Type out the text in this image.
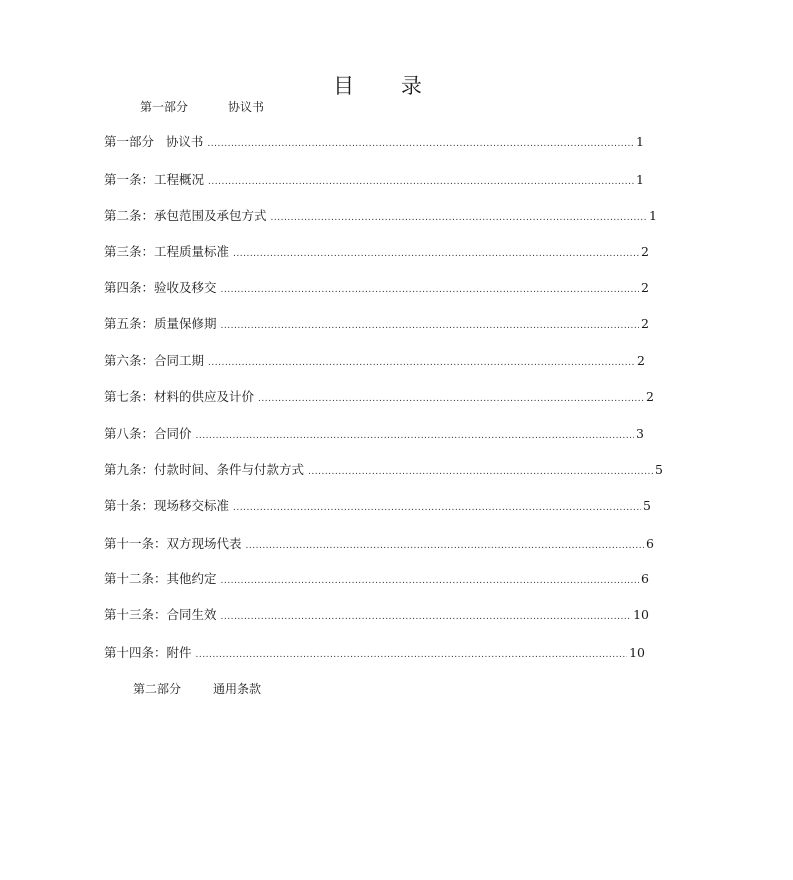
目 录
第一部分	协议书
第一部分   协议书 .....	1
第一条：工程概况 .....	1
第二条：承包范围及承包方式 .....	1
第三条：工程质量标准 .....	2
第四条：验收及移交 .....	2
第五条：质量保修期 .....	2
第六条：合同工期 .....	2
第七条：材料的供应及计价 .....	2
第八条：合同价 .....	3
第九条：付款时间、条件与付款方式 .....	5
第十条：现场移交标准 .....	5
第十一条：双方现场代表 .....	6
第十二条：其他约定 .....	6
第十三条：合同生效 .....	10
第十四条：附件 .....	10
第二部分	通用条款
